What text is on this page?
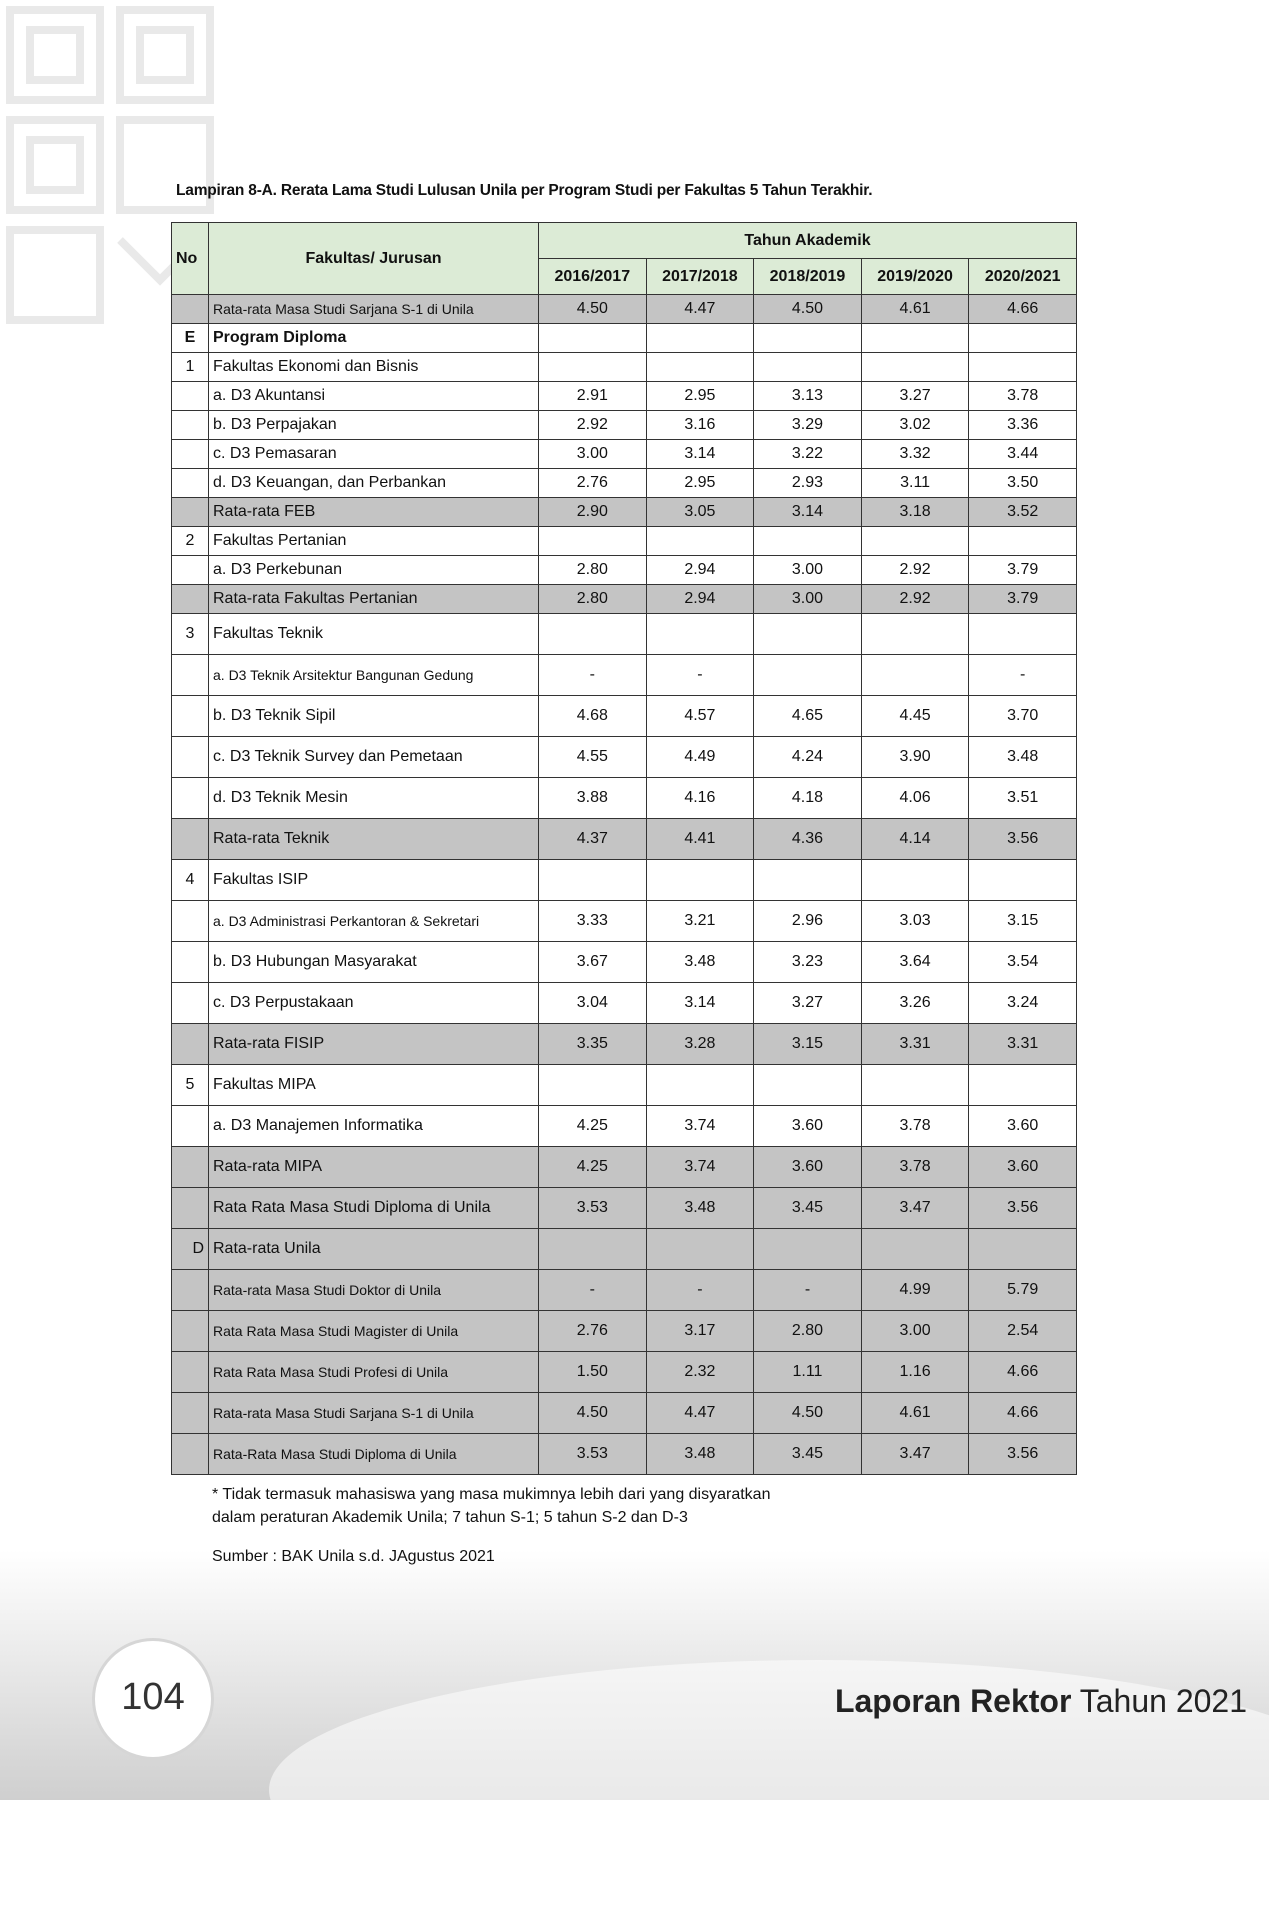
Lampiran 8-A. Rerata Lama Studi Lulusan Unila per Program Studi per Fakultas 5 Tahun Terakhir.
No	Fakultas/ Jurusan	Tahun Akademik				
		2016/2017	2017/2018	2018/2019	2019/2020	2020/2021
	Rata-rata Masa Studi Sarjana S-1 di Unila	4.50	4.47	4.50	4.61	4.66
E	Program Diploma					
1	Fakultas Ekonomi dan Bisnis					
	a. D3 Akuntansi	2.91	2.95	3.13	3.27	3.78
	b. D3 Perpajakan	2.92	3.16	3.29	3.02	3.36
	c. D3 Pemasaran	3.00	3.14	3.22	3.32	3.44
	d. D3 Keuangan, dan Perbankan	2.76	2.95	2.93	3.11	3.50
	Rata-rata FEB	2.90	3.05	3.14	3.18	3.52
2	Fakultas Pertanian					
	a. D3 Perkebunan	2.80	2.94	3.00	2.92	3.79
	Rata-rata Fakultas Pertanian	2.80	2.94	3.00	2.92	3.79
3	Fakultas Teknik					
	a. D3 Teknik Arsitektur Bangunan Gedung	-	-			-
	b. D3 Teknik Sipil	4.68	4.57	4.65	4.45	3.70
	c. D3 Teknik Survey dan Pemetaan	4.55	4.49	4.24	3.90	3.48
	d. D3 Teknik Mesin	3.88	4.16	4.18	4.06	3.51
	Rata-rata Teknik	4.37	4.41	4.36	4.14	3.56
4	Fakultas ISIP					
	a. D3 Administrasi Perkantoran & Sekretari	3.33	3.21	2.96	3.03	3.15
	b. D3 Hubungan Masyarakat	3.67	3.48	3.23	3.64	3.54
	c. D3 Perpustakaan	3.04	3.14	3.27	3.26	3.24
	Rata-rata FISIP	3.35	3.28	3.15	3.31	3.31
5	Fakultas MIPA					
	a. D3 Manajemen Informatika	4.25	3.74	3.60	3.78	3.60
	Rata-rata MIPA	4.25	3.74	3.60	3.78	3.60
	Rata Rata Masa Studi Diploma di Unila	3.53	3.48	3.45	3.47	3.56
D	Rata-rata Unila					
	Rata-rata Masa Studi Doktor di Unila	-	-	-	4.99	5.79
	Rata Rata Masa Studi Magister di Unila	2.76	3.17	2.80	3.00	2.54
	Rata Rata Masa Studi Profesi di Unila	1.50	2.32	1.11	1.16	4.66
	Rata-rata Masa Studi Sarjana S-1 di Unila	4.50	4.47	4.50	4.61	4.66
	Rata-Rata Masa Studi Diploma di Unila	3.53	3.48	3.45	3.47	3.56
* Tidak termasuk mahasiswa yang masa mukimnya lebih dari yang disyaratkan
dalam peraturan Akademik Unila; 7 tahun S-1; 5 tahun S-2 dan D-3
Sumber : BAK Unila s.d. JAgustus 2021
104	Laporan Rektor Tahun 2021
